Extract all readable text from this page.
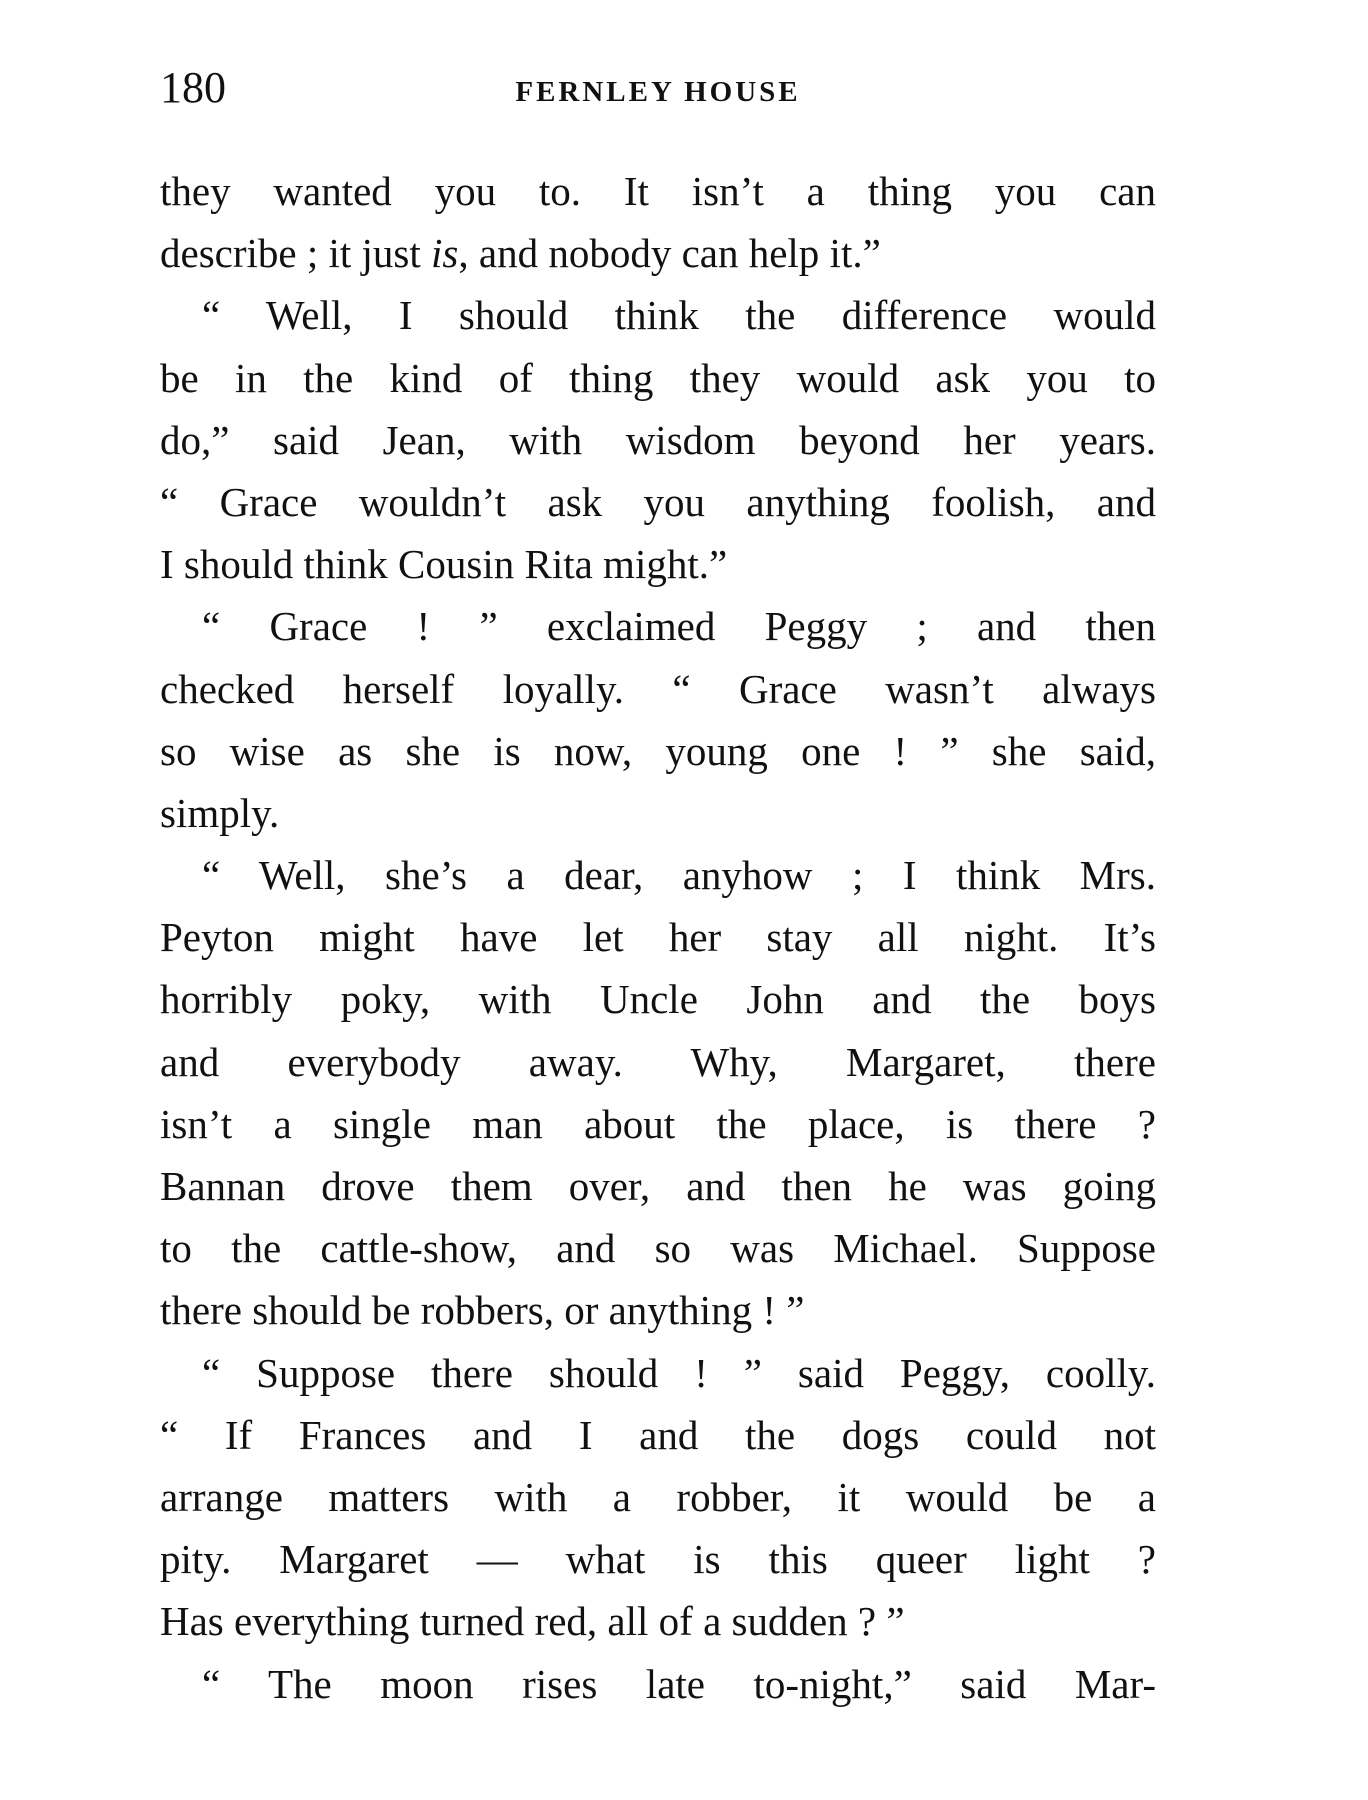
180	FERNLEY HOUSE
they wanted you to. It isn’t a thing you can
describe ; it just is, and nobody can help it.”
“ Well, I should think the difference would
be in the kind of thing they would ask you to
do,” said Jean, with wisdom beyond her years.
“ Grace wouldn’t ask you anything foolish, and
I should think Cousin Rita might.”
“ Grace ! ” exclaimed Peggy ; and then
checked herself loyally. “ Grace wasn’t always
so wise as she is now, young one ! ” she said,
simply.
“ Well, she’s a dear, anyhow ; I think Mrs.
Peyton might have let her stay all night. It’s
horribly poky, with Uncle John and the boys
and everybody away. Why, Margaret, there
isn’t a single man about the place, is there ?
Bannan drove them over, and then he was going
to the cattle-show, and so was Michael. Suppose
there should be robbers, or anything ! ”
“ Suppose there should ! ” said Peggy, coolly.
“ If Frances and I and the dogs could not
arrange matters with a robber, it would be a
pity. Margaret — what is this queer light ?
Has everything turned red, all of a sudden ? ”
“ The moon rises late to-night,” said Mar-
